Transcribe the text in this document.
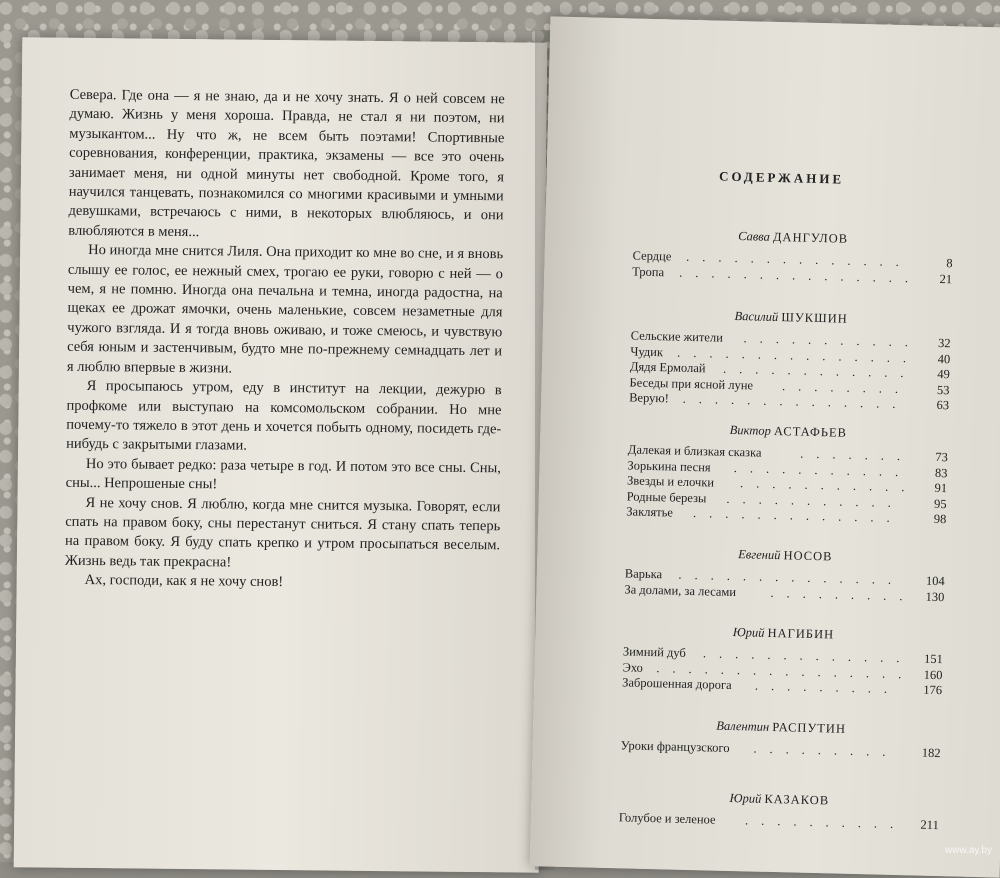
Севера. Где она — я не знаю, да и не хочу знать. Я о ней совсем не думаю. Жизнь у меня хороша. Правда, не стал я ни поэтом, ни музыкантом... Ну что ж, не всем быть поэтами! Спортивные соревнования, конференции, практика, экзамены — все это очень занимает меня, ни одной минуты нет свободной. Кроме того, я научился танцевать, познакомился со многими красивыми и умными девушками, встречаюсь с ними, в некоторых влюбляюсь, и они влюбляются в меня...

Но иногда мне снится Лиля. Она приходит ко мне во сне, и я вновь слышу ее голос, ее нежный смех, трогаю ее руки, говорю с ней — о чем, я не помню. Иногда она печальна и темна, иногда радостна, на щеках ее дрожат ямочки, очень маленькие, совсем незаметные для чужого взгляда. И я тогда вновь оживаю, и тоже смеюсь, и чувствую себя юным и застенчивым, будто мне по-прежнему семнадцать лет и я люблю впервые в жизни.

Я просыпаюсь утром, еду в институт на лекции, дежурю в профкоме или выступаю на комсомольском собрании. Но мне почему-то тяжело в этот день и хочется побыть одному, посидеть где-нибудь с закрытыми глазами.

Но это бывает редко: раза четыре в год. И потом это все сны. Сны, сны... Непрошеные сны!

Я не хочу снов. Я люблю, когда мне снится музыка. Говорят, если спать на правом боку, сны перестанут сниться. Я стану спать теперь на правом боку. Я буду спать крепко и утром просыпаться веселым. Жизнь ведь так прекрасна!

Ах, господи, как я не хочу снов!

СОДЕРЖАНИЕ
Савва ДАНГУЛОВ
Сердце ..............	8
Тропа ............... 21
Василий ШУКШИН
Сельские жители ........... 32
Чудик ............... 40
Дядя Ермолай ............ 49
Беседы при ясной луне ........ 53
Верую! .............. 63
Виктор АСТАФЬЕВ
Далекая и близкая сказка	....... 73
Зорькина песня ........... 83
Звезды и елочки ........... 91
Родные березы ........... 95
Заклятье ............. 98
Евгений НОСОВ
Варька .............. 104
За долами, за лесами	......... 130
Юрий НАГИБИН
Зимний дуб ............. 151
Эхо ................ 160
Заброшенная дорога ......... 176
Валентин РАСПУТИН
Уроки французского ......... 182
Юрий КАЗАКОВ
Голубое и зеленое .......... 211
www.ay.by
